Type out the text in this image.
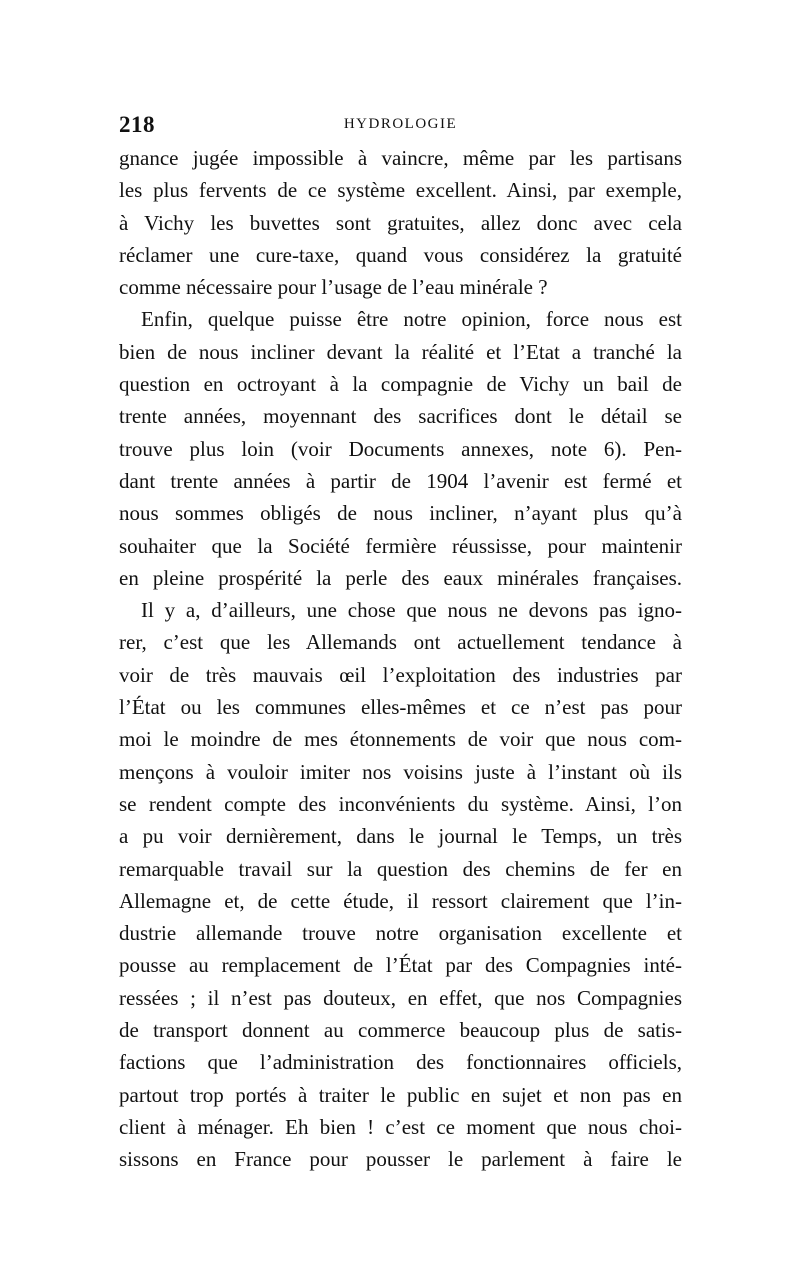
218	HYDROLOGIE
gnance jugée impossible à vaincre, même par les partisans
les plus fervents de ce système excellent. Ainsi, par exemple,
à Vichy les buvettes sont gratuites, allez donc avec cela
réclamer une cure-taxe, quand vous considérez la gratuité
comme nécessaire pour l’usage de l’eau minérale ?
Enfin, quelque puisse être notre opinion, force nous est
bien de nous incliner devant la réalité et l’Etat a tranché la
question en octroyant à la compagnie de Vichy un bail de
trente années, moyennant des sacrifices dont le détail se
trouve plus loin (voir Documents annexes, note 6). Pen-
dant trente années à partir de 1904 l’avenir est fermé et
nous sommes obligés de nous incliner, n’ayant plus qu’à
souhaiter que la Société fermière réussisse, pour maintenir
en pleine prospérité la perle des eaux minérales françaises.
Il y a, d’ailleurs, une chose que nous ne devons pas igno-
rer, c’est que les Allemands ont actuellement tendance à
voir de très mauvais œil l’exploitation des industries par
l’État ou les communes elles-mêmes et ce n’est pas pour
moi le moindre de mes étonnements de voir que nous com-
mençons à vouloir imiter nos voisins juste à l’instant où ils
se rendent compte des inconvénients du système. Ainsi, l’on
a pu voir dernièrement, dans le journal le Temps, un très
remarquable travail sur la question des chemins de fer en
Allemagne et, de cette étude, il ressort clairement que l’in-
dustrie allemande trouve notre organisation excellente et
pousse au remplacement de l’État par des Compagnies inté-
ressées ; il n’est pas douteux, en effet, que nos Compagnies
de transport donnent au commerce beaucoup plus de satis-
factions que l’administration des fonctionnaires officiels,
partout trop portés à traiter le public en sujet et non pas en
client à ménager. Eh bien ! c’est ce moment que nous choi-
sissons en France pour pousser le parlement à faire le
